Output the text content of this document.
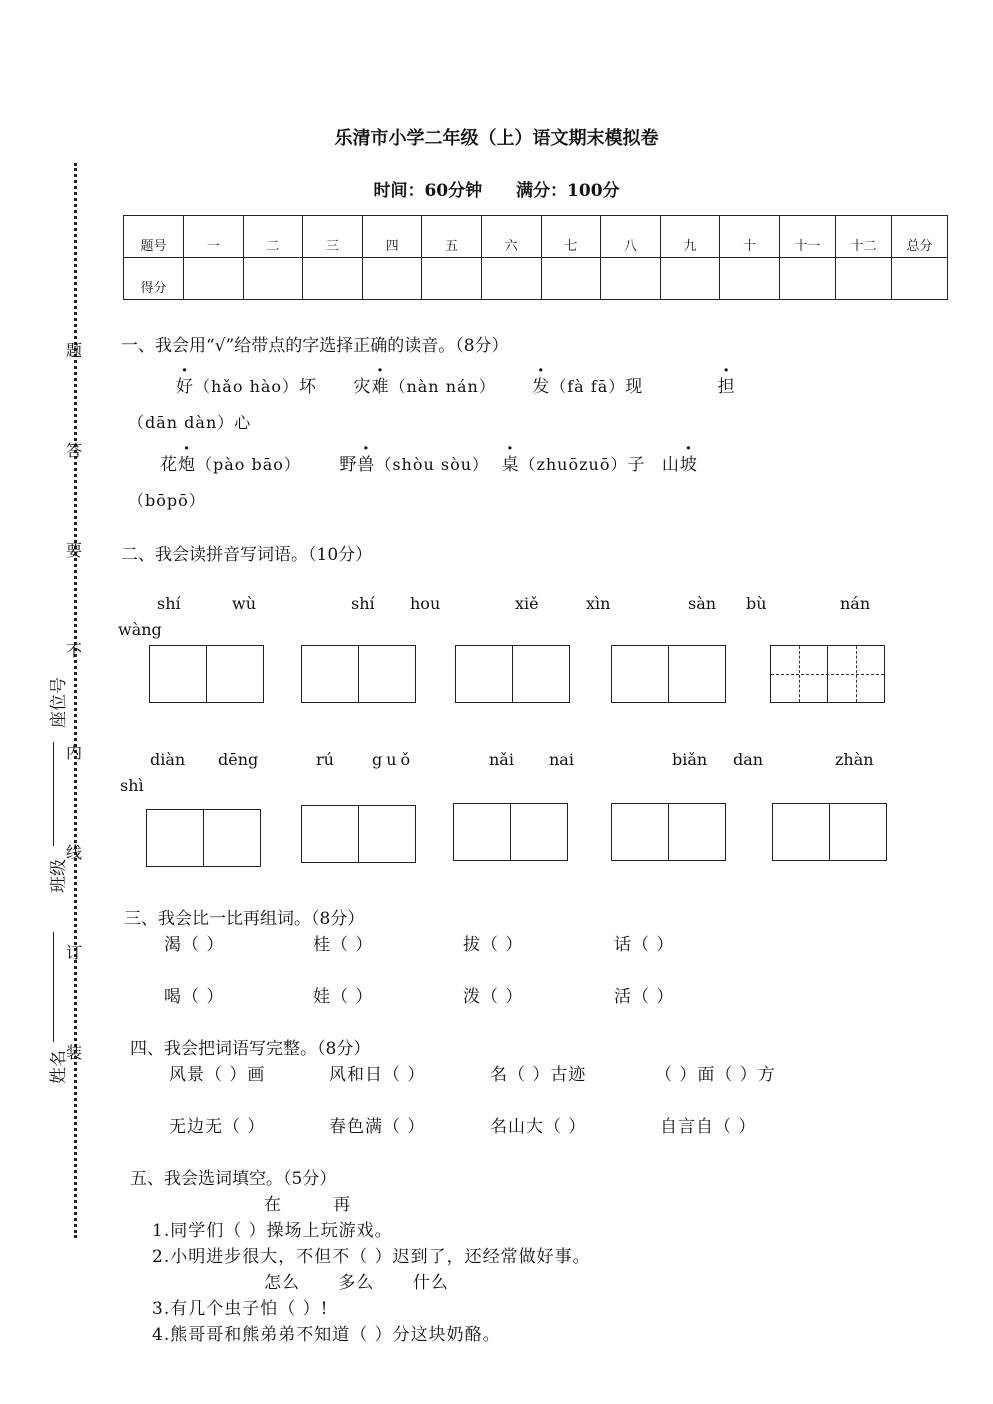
乐清市小学二年级（上）语文期末模拟卷
时间：60分钟 满分：100分
题
答
要
不
内
线
订
装
座位号
班级
姓名
题号	一	二	三	四	五	六	七	八	九	十	十一	十二	总分
得分													
一、我会用“√”给带点的字选择正确的读音。（8分）
好（hǎo hào）坏 灾难（nàn nán） 发（fà fā）现	担
（dān dàn）心
花炮（pào bāo） 野兽（shòu sòu） 桌（zhuōzuō）子 山坡
（bōpō）
二、我会读拼音写词语。（10分）
shí	wù	shí hou	xiě	xìn	sàn bù	nán
wàng
diàn dēng	rú guǒ	nǎi nai	biǎn dan	zhàn
shì
三、我会比一比再组词。（8分）
渴（ ）	桂（ ）	拔（ ）	话（ ）
喝（ ）	娃（ ）	泼（ ）	活（ ）
四、我会把词语写完整。（8分）
风景（ ）画	风和日（ ）	名（ ）古迹	（ ）面（ ）方
无边无（ ）	春色满（ ）	名山大（ ）	自言自（ ）
五、我会选词填空。（5分）
在        再
1.同学们（ ）操场上玩游戏。
2.小明进步很大，不但不（ ）迟到了，还经常做好事。
怎么      多么      什么
3.有几个虫子怕（ ）!
4.熊哥哥和熊弟弟不知道（ ）分这块奶酪。
